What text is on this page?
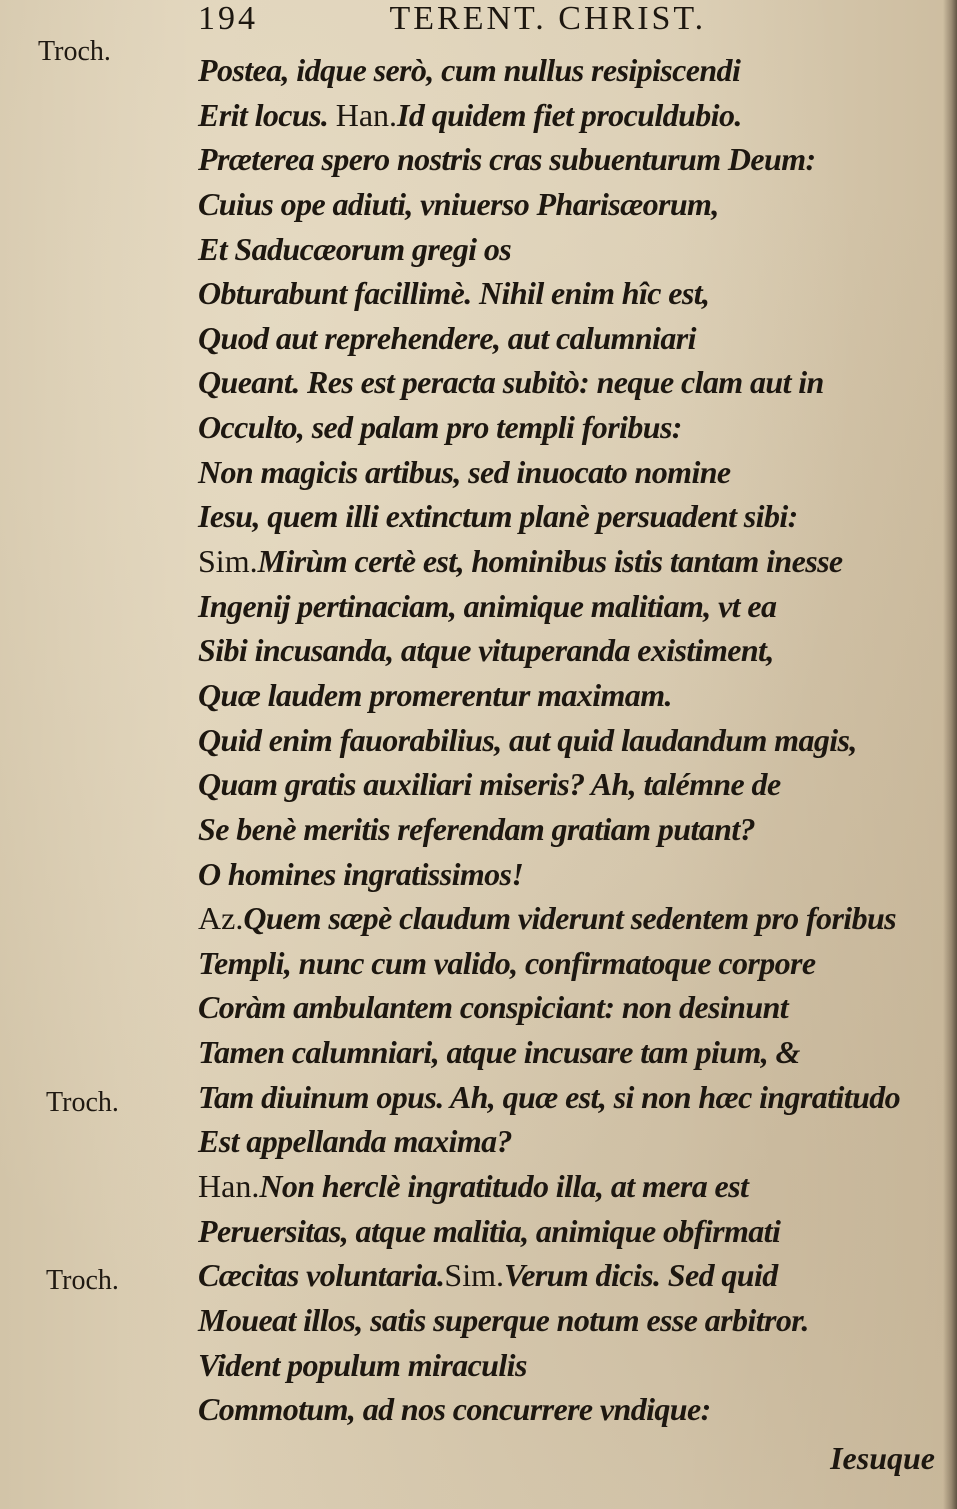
194	TERENT. CHRIST.
Troch.
Troch.
Troch.
Postea, idque serò, cum nullus resipiscendi
Erit locus. Han.Id quidem fiet proculdubio.
Præterea spero nostris cras subuenturum Deum:
Cuius ope adiuti, vniuerso Pharisæorum,
Et Saducæorum gregi os
Obturabunt facillimè. Nihil enim hîc est,
Quod aut reprehendere, aut calumniari
Queant. Res est peracta subitò: neque clam aut in
Occulto, sed palam pro templi foribus:
Non magicis artibus, sed inuocato nomine
Iesu, quem illi extinctum planè persuadent sibi:
Sim.Mirùm certè est, hominibus istis tantam inesse
Ingenij pertinaciam, animique malitiam, vt ea
Sibi incusanda, atque vituperanda existiment,
Quæ laudem promerentur maximam.
Quid enim fauorabilius, aut quid laudandum magis,
Quam gratis auxiliari miseris? Ah, talémne de
Se benè meritis referendam gratiam putant?
O homines ingratissimos!
Az.Quem sæpè claudum viderunt sedentem pro foribus
Templi, nunc cum valido, confirmatoque corpore
Coràm ambulantem conspiciant: non desinunt
Tamen calumniari, atque incusare tam pium, &
Tam diuinum opus. Ah, quæ est, si non hæc ingratitudo
Est appellanda maxima?
Han.Non herclè ingratitudo illa, at mera est
Peruersitas, atque malitia, animique obfirmati
Cæcitas voluntaria.Sim.Verum dicis. Sed quid
Moueat illos, satis superque notum esse arbitror.
Vident populum miraculis
Commotum, ad nos concurrere vndique:
Iesuque
